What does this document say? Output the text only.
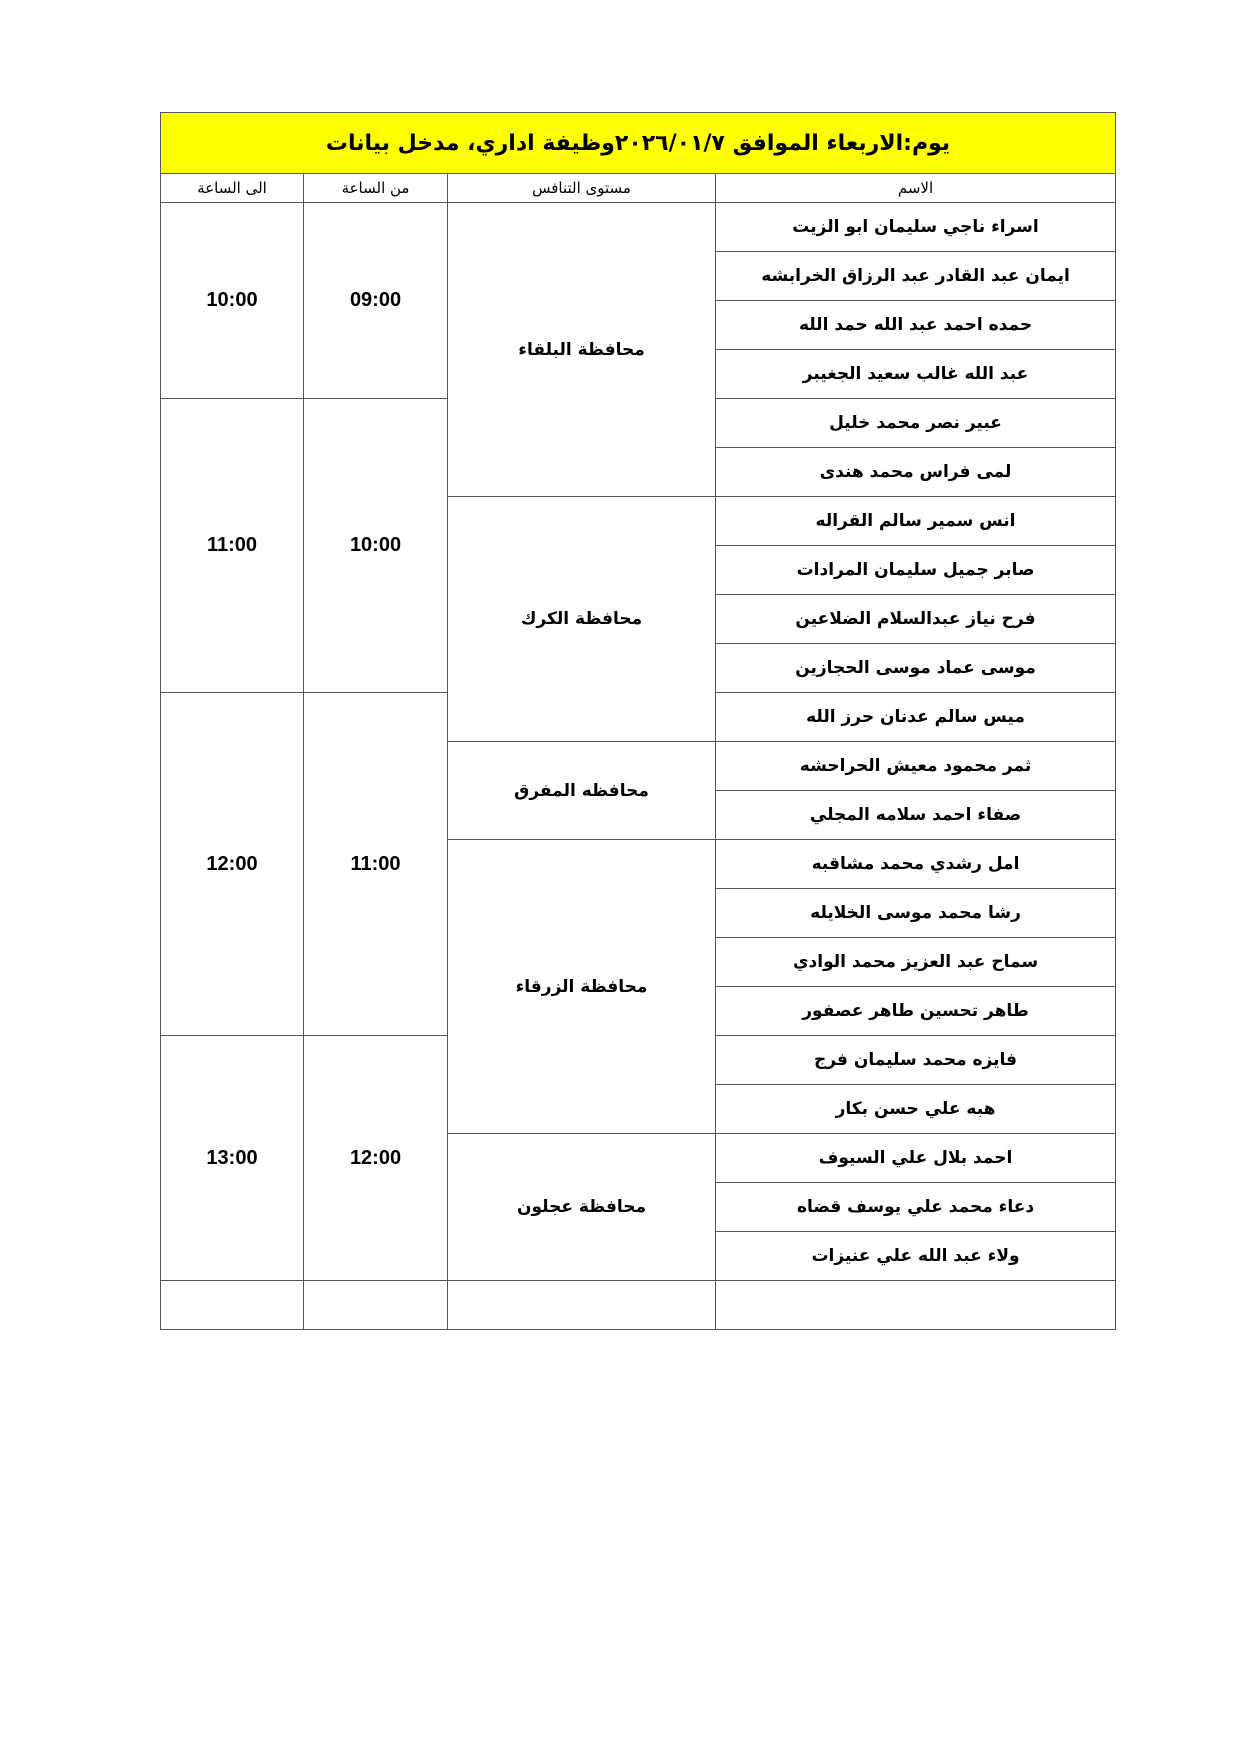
يوم:الاربعاء الموافق ٢٠٢٦/٠١/٧وظيفة اداري، مدخل بيانات			
الاسم	مستوى التنافس	من الساعة	الى الساعة
اسراء ناجي سليمان ابو الزيت	محافظة البلقاء	09:00	10:00
ايمان عبد القادر عبد الرزاق الخرابشه			
حمده احمد عبد الله حمد الله			
عبد الله غالب سعيد الجغيبر			
عبير نصر محمد خليل		10:00	11:00
لمى فراس محمد هندى			
انس سمير سالم القراله	محافظة الكرك		
صابر جميل سليمان المرادات			
فرح نياز عبدالسلام الضلاعين			
موسى عماد موسى الحجازين			
ميس سالم عدنان حرز الله		11:00	12:00
ثمر محمود معيش الحراحشه	محافظه المفرق		
صفاء احمد سلامه المجلي			
امل رشدي محمد مشاقبه	محافظة الزرقاء		
رشا محمد موسى الخلايله			
سماح عبد العزيز محمد الوادي			
طاهر تحسين طاهر عصفور			
فايزه محمد سليمان فرج		12:00	13:00
هبه علي حسن بكار			
احمد بلال علي السيوف	محافظة عجلون		
دعاء محمد علي يوسف قضاه			
ولاء عبد الله علي عنيزات			
